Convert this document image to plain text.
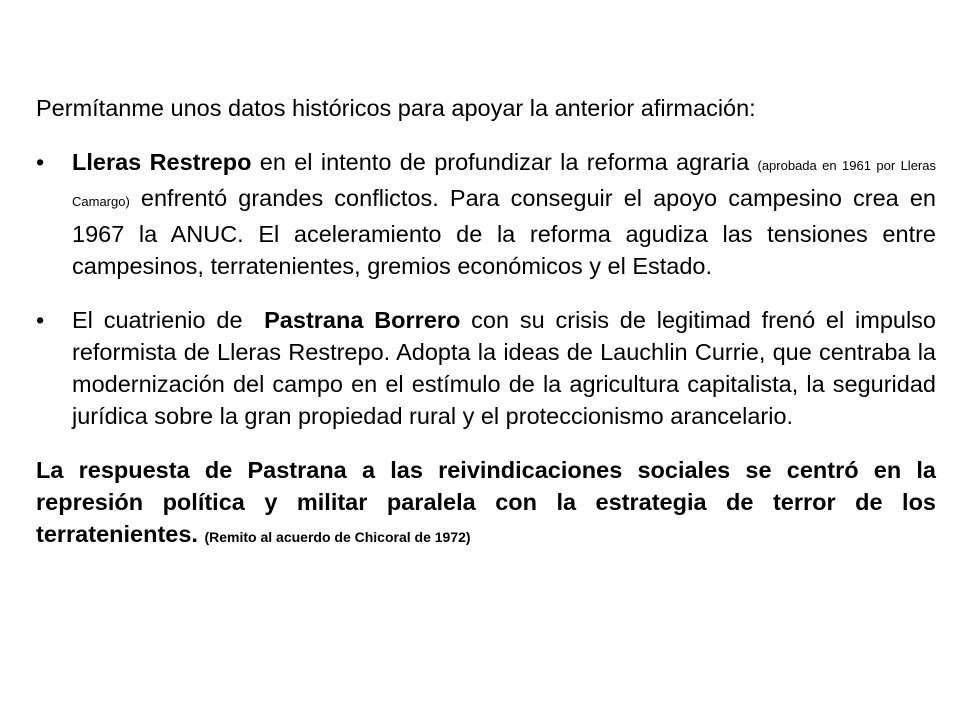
Permítanme unos datos históricos para apoyar la anterior afirmación:

• Lleras Restrepo en el intento de profundizar la reforma agraria (aprobada en 1961 por Lleras Camargo) enfrentó grandes conflictos. Para conseguir el apoyo campesino crea en 1967 la ANUC. El aceleramiento de la reforma agudiza las tensiones entre campesinos, terratenientes, gremios económicos y el Estado.
• El cuatrienio de  Pastrana Borrero con su crisis de legitimad frenó el impulso reformista de Lleras Restrepo. Adopta la ideas de Lauchlin Currie, que centraba la modernización del campo en el estímulo de la agricultura capitalista, la seguridad jurídica sobre la gran propiedad rural y el proteccionismo arancelario.

La respuesta de Pastrana a las reivindicaciones sociales se centró en la represión política y militar paralela con la estrategia de terror de los terratenientes. (Remito al acuerdo de Chicoral de 1972)
